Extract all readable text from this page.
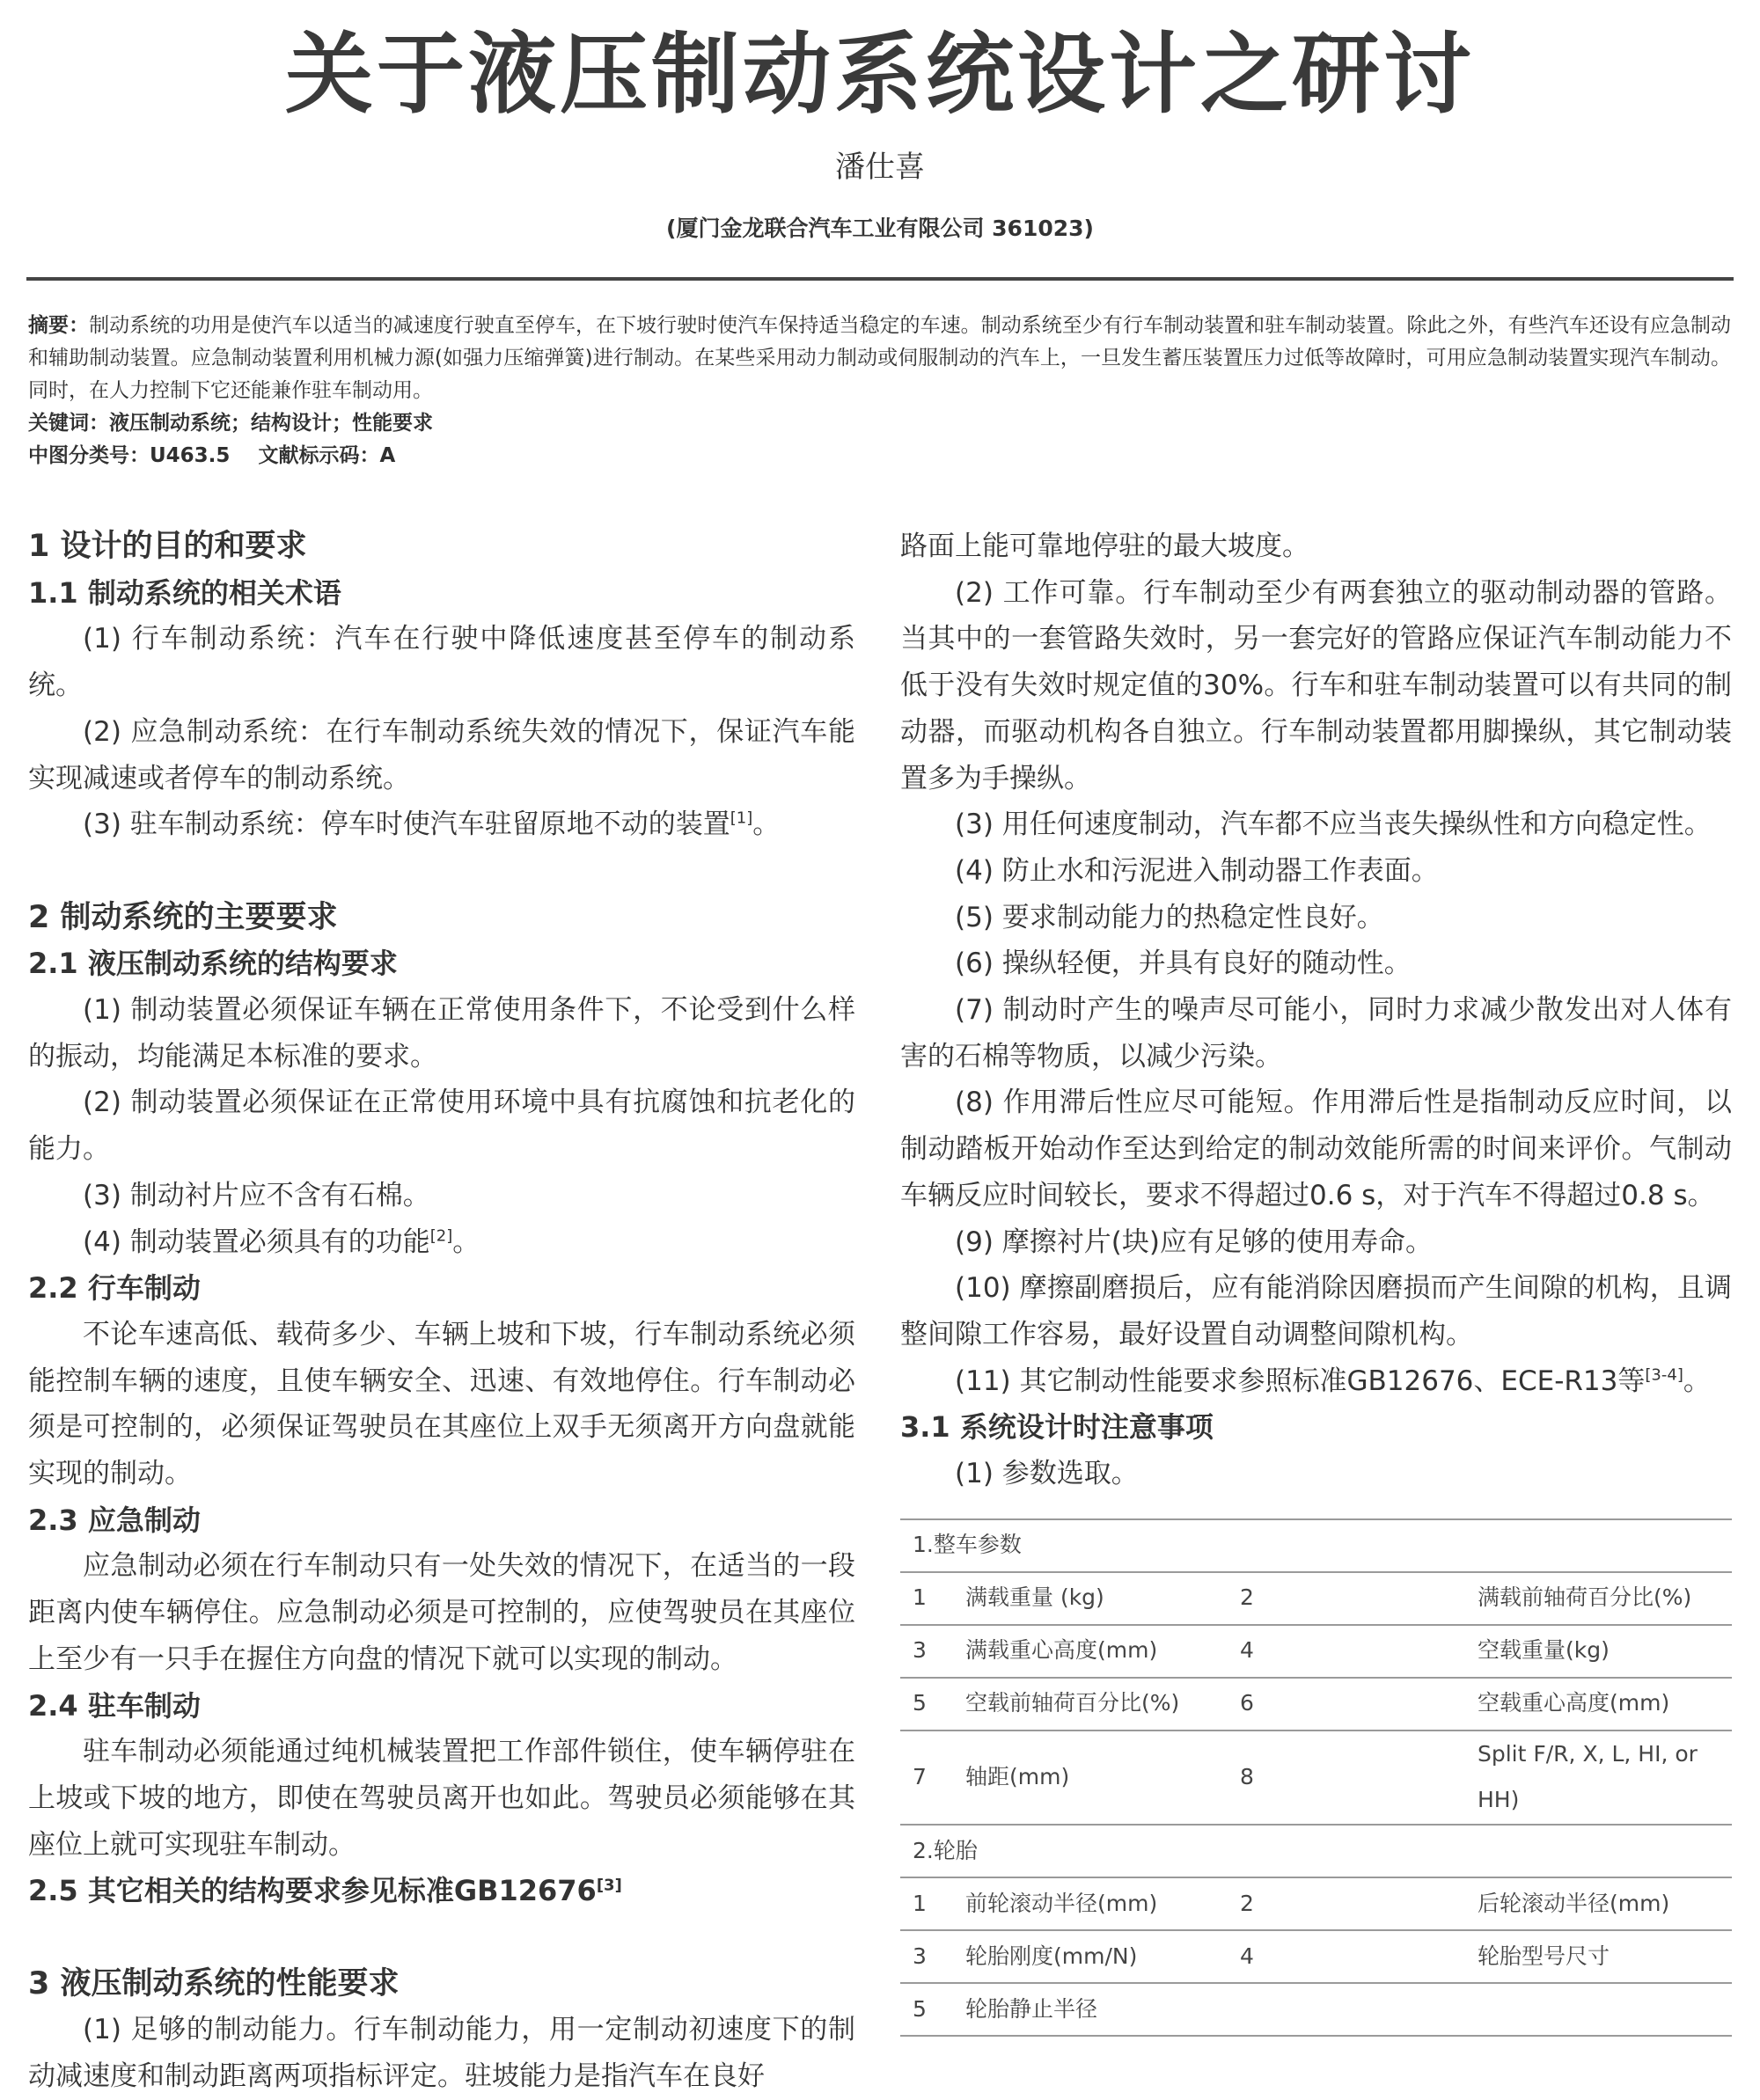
关于液压制动系统设计之研讨
潘仕喜
(厦门金龙联合汽车工业有限公司 361023)

摘要：制动系统的功用是使汽车以适当的减速度行驶直至停车，在下坡行驶时使汽车保持适当稳定的车速。制动系统至少有行车制动装置和驻车制动装置。除此之外，有些汽车还设有应急制动和辅助制动装置。应急制动装置利用机械力源(如强力压缩弹簧)进行制动。在某些采用动力制动或伺服制动的汽车上，一旦发生蓄压装置压力过低等故障时，可用应急制动装置实现汽车制动。同时，在人力控制下它还能兼作驻车制动用。

关键词：液压制动系统；结构设计；性能要求

中图分类号：U463.5 文献标示码：A

1 设计的目的和要求
1.1 制动系统的相关术语

(1) 行车制动系统：汽车在行驶中降低速度甚至停车的制动系统。

(2) 应急制动系统：在行车制动系统失效的情况下，保证汽车能实现减速或者停车的制动系统。

(3) 驻车制动系统：停车时使汽车驻留原地不动的装置[1]。

2 制动系统的主要要求
2.1 液压制动系统的结构要求

(1) 制动装置必须保证车辆在正常使用条件下，不论受到什么样的振动，均能满足本标准的要求。

(2) 制动装置必须保证在正常使用环境中具有抗腐蚀和抗老化的能力。

(3) 制动衬片应不含有石棉。

(4) 制动装置必须具有的功能[2]。

2.2 行车制动

不论车速高低、载荷多少、车辆上坡和下坡，行车制动系统必须能控制车辆的速度，且使车辆安全、迅速、有效地停住。行车制动必须是可控制的，必须保证驾驶员在其座位上双手无须离开方向盘就能实现的制动。

2.3 应急制动

应急制动必须在行车制动只有一处失效的情况下，在适当的一段距离内使车辆停住。应急制动必须是可控制的，应使驾驶员在其座位上至少有一只手在握住方向盘的情况下就可以实现的制动。

2.4 驻车制动

驻车制动必须能通过纯机械装置把工作部件锁住，使车辆停驻在上坡或下坡的地方，即使在驾驶员离开也如此。驾驶员必须能够在其座位上就可实现驻车制动。

2.5 其它相关的结构要求参见标准GB12676[3]
3 液压制动系统的性能要求

(1) 足够的制动能力。行车制动能力，用一定制动初速度下的制动减速度和制动距离两项指标评定。驻坡能力是指汽车在良好

路面上能可靠地停驻的最大坡度。

(2) 工作可靠。行车制动至少有两套独立的驱动制动器的管路。当其中的一套管路失效时，另一套完好的管路应保证汽车制动能力不低于没有失效时规定值的30%。行车和驻车制动装置可以有共同的制动器，而驱动机构各自独立。行车制动装置都用脚操纵，其它制动装置多为手操纵。

(3) 用任何速度制动，汽车都不应当丧失操纵性和方向稳定性。

(4) 防止水和污泥进入制动器工作表面。

(5) 要求制动能力的热稳定性良好。

(6) 操纵轻便，并具有良好的随动性。

(7) 制动时产生的噪声尽可能小，同时力求减少散发出对人体有害的石棉等物质，以减少污染。

(8) 作用滞后性应尽可能短。作用滞后性是指制动反应时间，以制动踏板开始动作至达到给定的制动效能所需的时间来评价。气制动车辆反应时间较长，要求不得超过0.6 s，对于汽车不得超过0.8 s。

(9) 摩擦衬片(块)应有足够的使用寿命。

(10) 摩擦副磨损后，应有能消除因磨损而产生间隙的机构，且调整间隙工作容易，最好设置自动调整间隙机构。

(11) 其它制动性能要求参照标准GB12676、ECE-R13等[3-4]。

3.1 系统设计时注意事项

(1) 参数选取。

1.整车参数			
1	满载重量 (kg)	2	满载前轴荷百分比(%)
3	满载重心高度(mm)	4	空载重量(kg)
5	空载前轴荷百分比(%)	6	空载重心高度(mm)
7	轴距(mm)	8	Split F/R, X, L, HI, or HH)
2.轮胎			
1	前轮滚动半径(mm)	2	后轮滚动半径(mm)
3	轮胎刚度(mm/N)	4	轮胎型号尺寸
5	轮胎静止半径		
